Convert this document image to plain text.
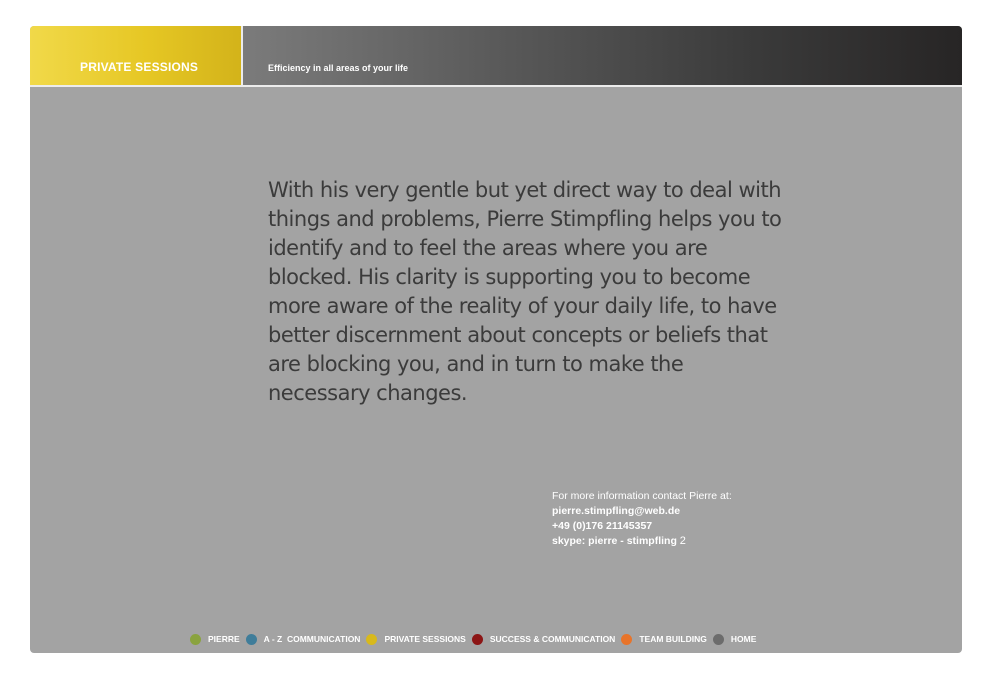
PRIVATE SESSIONS	Efficiency in all areas of your life

With his very gentle but yet direct way to deal with things and problems, Pierre Stimpfling helps you to identify and to feel the areas where you are blocked. His clarity is supporting you to become more aware of the reality of your daily life, to have better discernment about concepts or beliefs that are blocking you, and in turn to make the necessary changes.

For more information contact Pierre at:
pierre.stimpfling@web.de
+49 (0)176 21145357
skype: pierre - stimpfling 2
PIERRE	A - Z  COMMUNICATION	PRIVATE SESSIONS	SUCCESS & COMMUNICATION	TEAM BUILDING	HOME
